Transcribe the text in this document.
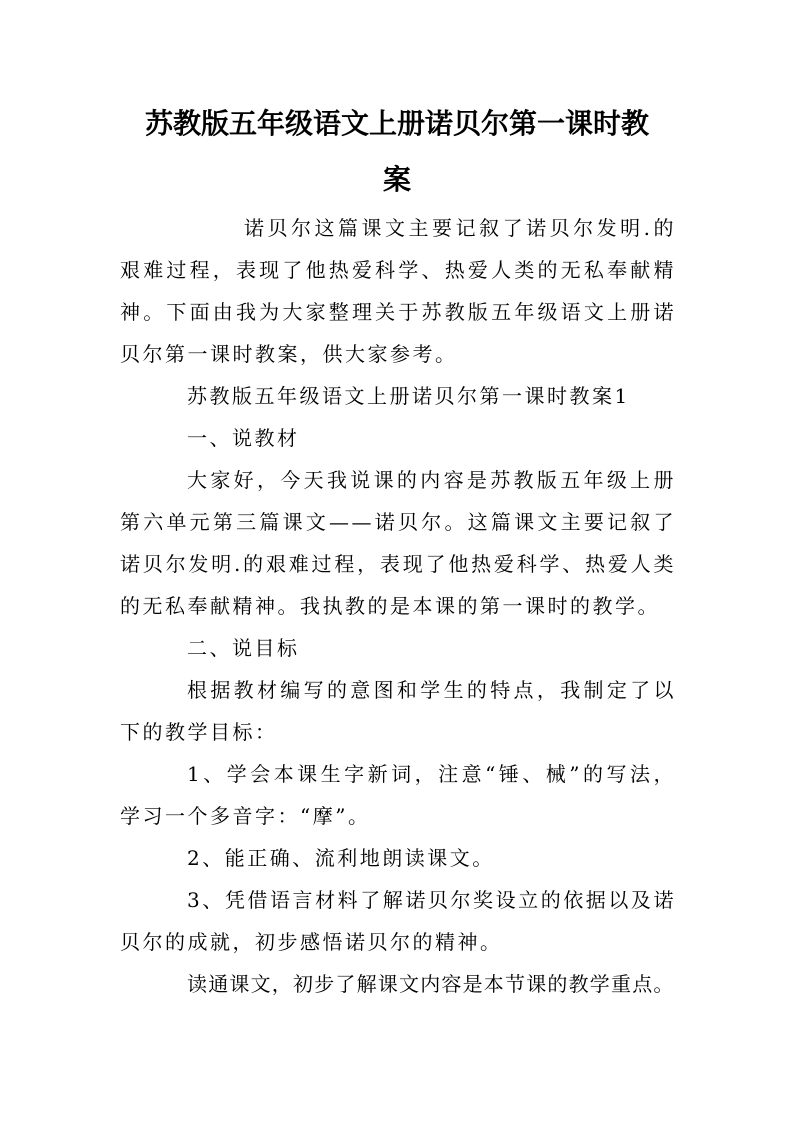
苏教版五年级语文上册诺贝尔第一课时教
案

诺贝尔这篇课文主要记叙了诺贝尔发明.的艰难过程，表现了他热爱科学、热爱人类的无私奉献精神。下面由我为大家整理关于苏教版五年级语文上册诺贝尔第一课时教案，供大家参考。

苏教版五年级语文上册诺贝尔第一课时教案1

一、说教材

大家好，今天我说课的内容是苏教版五年级上册第六单元第三篇课文——诺贝尔。这篇课文主要记叙了诺贝尔发明.的艰难过程，表现了他热爱科学、热爱人类的无私奉献精神。我执教的是本课的第一课时的教学。

二、说目标

根据教材编写的意图和学生的特点，我制定了以下的教学目标：

1、学会本课生字新词，注意“锤、械”的写法，学习一个多音字：“摩”。

2、能正确、流利地朗读课文。

3、凭借语言材料了解诺贝尔奖设立的依据以及诺贝尔的成就，初步感悟诺贝尔的精神。

读通课文，初步了解课文内容是本节课的教学重点。
